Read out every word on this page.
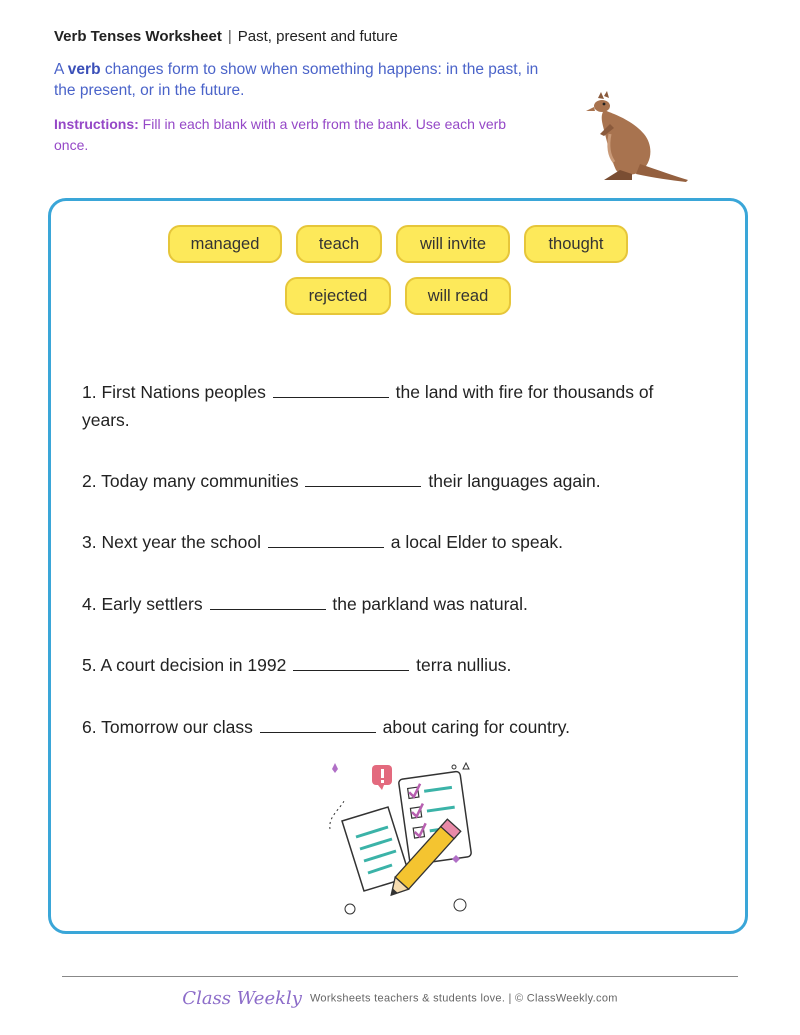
Verb Tenses Worksheet | Past, present and future
A verb changes form to show when something happens: in the past, in the present, or in the future.
Instructions: Fill in each blank with a verb from the bank. Use each verb once.
managed	teach	will invite	thought
rejected	will read
1. First Nations peoples	the land with fire for thousands of years.
2. Today many communities	their languages again.
3. Next year the school	a local Elder to speak.
4. Early settlers	the parkland was natural.
5. A court decision in 1992	terra nullius.
6. Tomorrow our class	about caring for country.
Class Weekly Worksheets teachers & students love. | © ClassWeekly.com
